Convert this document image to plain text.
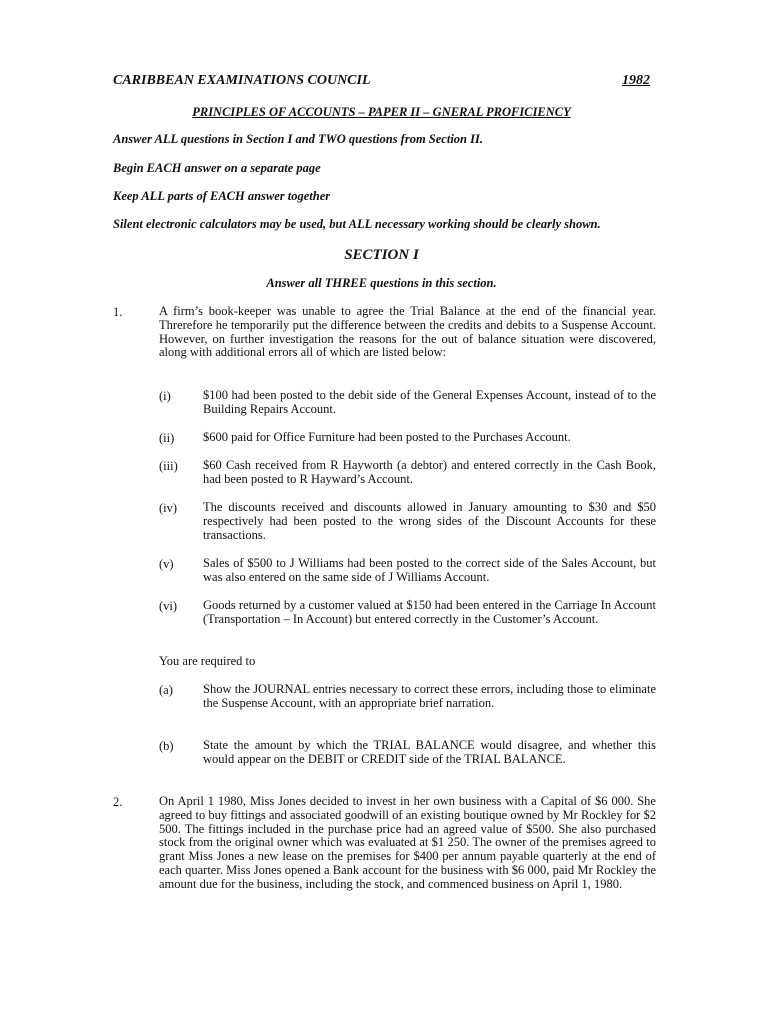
CARIBBEAN EXAMINATIONS COUNCIL	1982
PRINCIPLES OF ACCOUNTS – PAPER II – GNERAL PROFICIENCY
Answer ALL questions in Section I and TWO questions from Section II.
Begin EACH answer on a separate page
Keep ALL parts of EACH answer together
Silent electronic calculators may be used, but ALL necessary working should be clearly shown.
SECTION I
Answer all THREE questions in this section.
1.	A firm’s book-keeper was unable to agree the Trial Balance at the end of the financial year. Threrefore he temporarily put the difference between the credits and debits to a Suspense Account. However, on further investigation the reasons for the out of balance situation were discovered, along with additional errors all of which are listed below:
(i)	$100 had been posted to the debit side of the General Expenses Account, instead of to the Building Repairs Account.
(ii) $600 paid for Office Furniture had been posted to the Purchases Account.
(iii) $60 Cash received from R Hayworth (a debtor) and entered correctly in the Cash Book, had been posted to R Hayward’s Account.
(iv) The discounts received and discounts allowed in January amounting to $30 and $50 respectively had been posted to the wrong sides of the Discount Accounts for these transactions.
(v) Sales of $500 to J Williams had been posted to the correct side of the Sales Account, but was also entered on the same side of J Williams Account.
(vi) Goods returned by a customer valued at $150 had been entered in the Carriage In Account (Transportation – In Account) but entered correctly in the Customer’s Account.
You are required to
(a) Show the JOURNAL entries necessary to correct these errors, including those to eliminate the Suspense Account, with an appropriate brief narration.
(b) State the amount by which the TRIAL BALANCE would disagree, and whether this would appear on the DEBIT or CREDIT side of the TRIAL BALANCE.
2.	On April 1 1980, Miss Jones decided to invest in her own business with a Capital of $6 000. She agreed to buy fittings and associated goodwill of an existing boutique owned by Mr Rockley for $2 500. The fittings included in the purchase price had an agreed value of $500. She also purchased stock from the original owner which was evaluated at $1 250. The owner of the premises agreed to grant Miss Jones a new lease on the premises for $400 per annum payable quarterly at the end of each quarter. Miss Jones opened a Bank account for the business with $6 000, paid Mr Rockley the amount due for the business, including the stock, and commenced business on April 1, 1980.
